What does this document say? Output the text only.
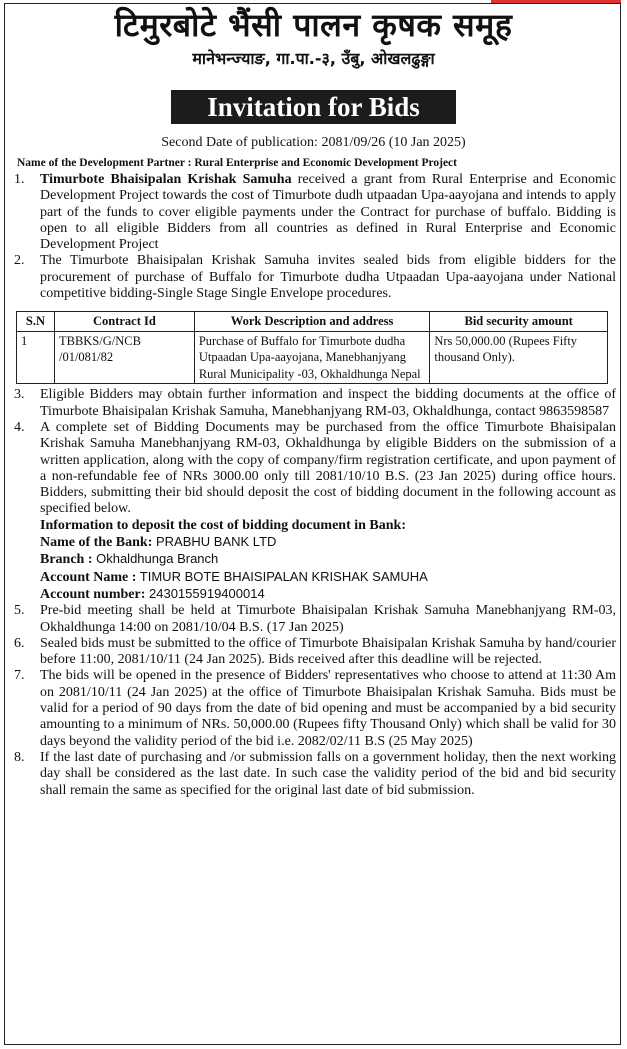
टिमुरबोटे भैंसी पालन कृषक समूह
मानेभन्ज्याङ, गा.पा.-३, उँबु, ओखलढुङ्गा
Invitation for Bids
Second Date of publication: 2081/09/26 (10 Jan 2025)
Name of the Development Partner : Rural Enterprise and Economic Development Project
1. Timurbote Bhaisipalan Krishak Samuha received a grant from Rural Enterprise and Economic Development Project towards the cost of Timurbote dudh utpaadan Upa-aayojana and intends to apply part of the funds to cover eligible payments under the Contract for purchase of buffalo. Bidding is open to all eligible Bidders from all countries as defined in Rural Enterprise and Economic Development Project
2. The Timurbote Bhaisipalan Krishak Samuha invites sealed bids from eligible bidders for the procurement of purchase of Buffalo for Timurbote dudha Utpaadan Upa-aayojana under National competitive bidding-Single Stage Single Envelope procedures.
S.N	Contract Id	Work Description and address	Bid security amount
1	TBBKS/G/NCB /01/081/82	Purchase of Buffalo for Timurbote dudha Utpaadan Upa-aayojana, Manebhanjyang Rural Municipality -03, Okhaldhunga Nepal	Nrs 50,000.00 (Rupees Fifty thousand Only).
3. Eligible Bidders may obtain further information and inspect the bidding documents at the office of Timurbote Bhaisipalan Krishak Samuha, Manebhanjyang RM-03, Okhaldhunga, contact 9863598587
4. A complete set of Bidding Documents may be purchased from the office Timurbote Bhaisipalan Krishak Samuha Manebhanjyang RM-03, Okhaldhunga by eligible Bidders on the submission of a written application, along with the copy of company/firm registration certificate, and upon payment of a non-refundable fee of NRs 3000.00 only till 2081/10/10 B.S. (23 Jan 2025) during office hours. Bidders, submitting their bid should deposit the cost of bidding document in the following account as specified below.
Information to deposit the cost of bidding document in Bank:
Name of the Bank: PRABHU BANK LTD
Branch : Okhaldhunga Branch
Account Name : TIMUR BOTE BHAISIPALAN KRISHAK SAMUHA
Account number: 2430155919400014
5. Pre-bid meeting shall be held at Timurbote Bhaisipalan Krishak Samuha Manebhanjyang RM-03, Okhaldhunga 14:00 on 2081/10/04 B.S. (17 Jan 2025)
6. Sealed bids must be submitted to the office of Timurbote Bhaisipalan Krishak Samuha by hand/courier before 11:00, 2081/10/11 (24 Jan 2025). Bids received after this deadline will be rejected.
7. The bids will be opened in the presence of Bidders' representatives who choose to attend at 11:30 Am on 2081/10/11 (24 Jan 2025) at the office of Timurbote Bhaisipalan Krishak Samuha. Bids must be valid for a period of 90 days from the date of bid opening and must be accompanied by a bid security amounting to a minimum of NRs. 50,000.00 (Rupees fifty Thousand Only) which shall be valid for 30 days beyond the validity period of the bid i.e. 2082/02/11 B.S (25 May 2025)
8. If the last date of purchasing and /or submission falls on a government holiday, then the next working day shall be considered as the last date. In such case the validity period of the bid and bid security shall remain the same as specified for the original last date of bid submission.
